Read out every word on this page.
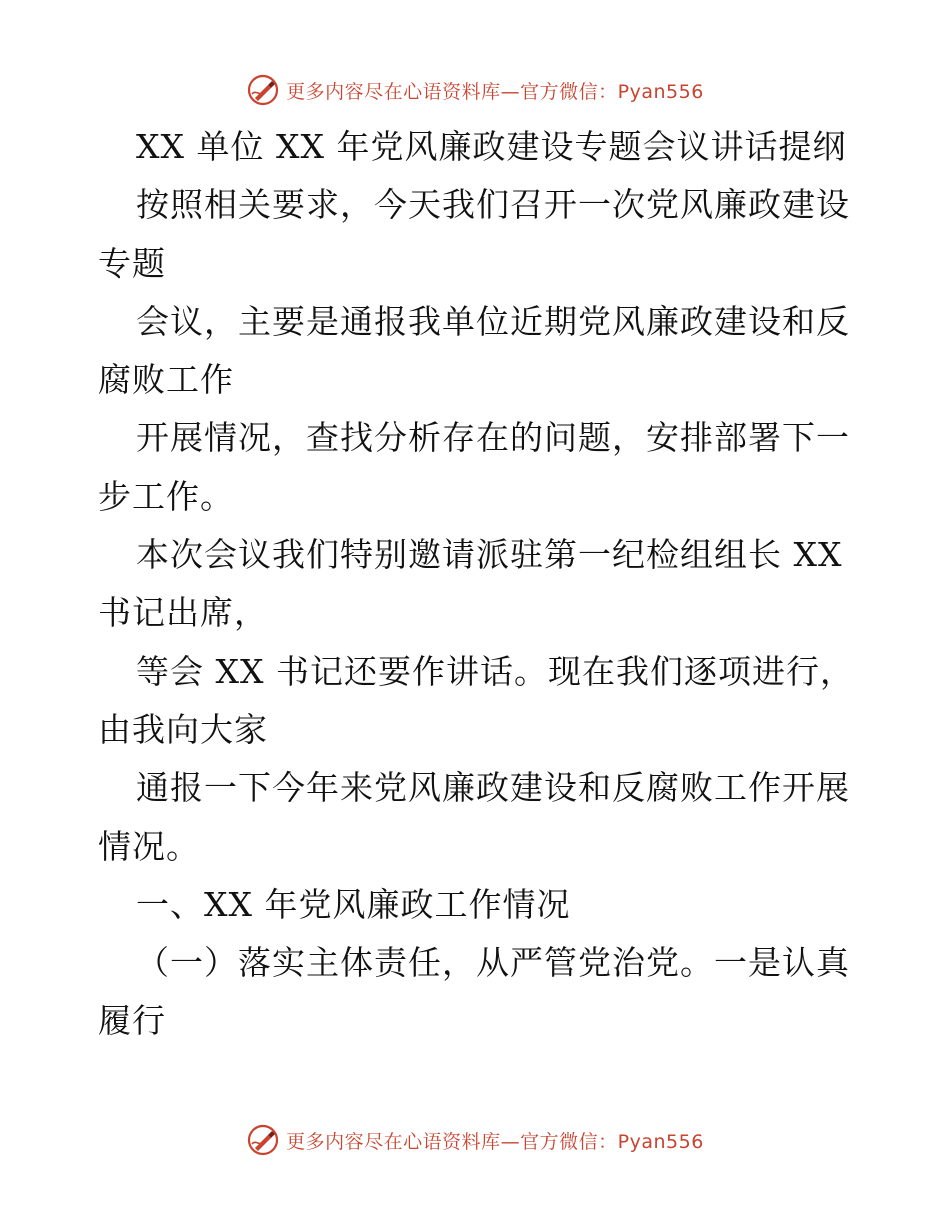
更多内容尽在心语资料库—官方微信：Pyan556
XX 单位 XX 年党风廉政建设专题会议讲话提纲
按照相关要求，今天我们召开一次党风廉政建设
专题
会议，主要是通报我单位近期党风廉政建设和反
腐败工作
开展情况，查找分析存在的问题，安排部署下一
步工作。
本次会议我们特别邀请派驻第一纪检组组长 XX
书记出席，
等会 XX 书记还要作讲话。现在我们逐项进行，
由我向大家
通报一下今年来党风廉政建设和反腐败工作开展
情况。
一、XX 年党风廉政工作情况
（一）落实主体责任，从严管党治党。一是认真
履行
更多内容尽在心语资料库—官方微信：Pyan556
